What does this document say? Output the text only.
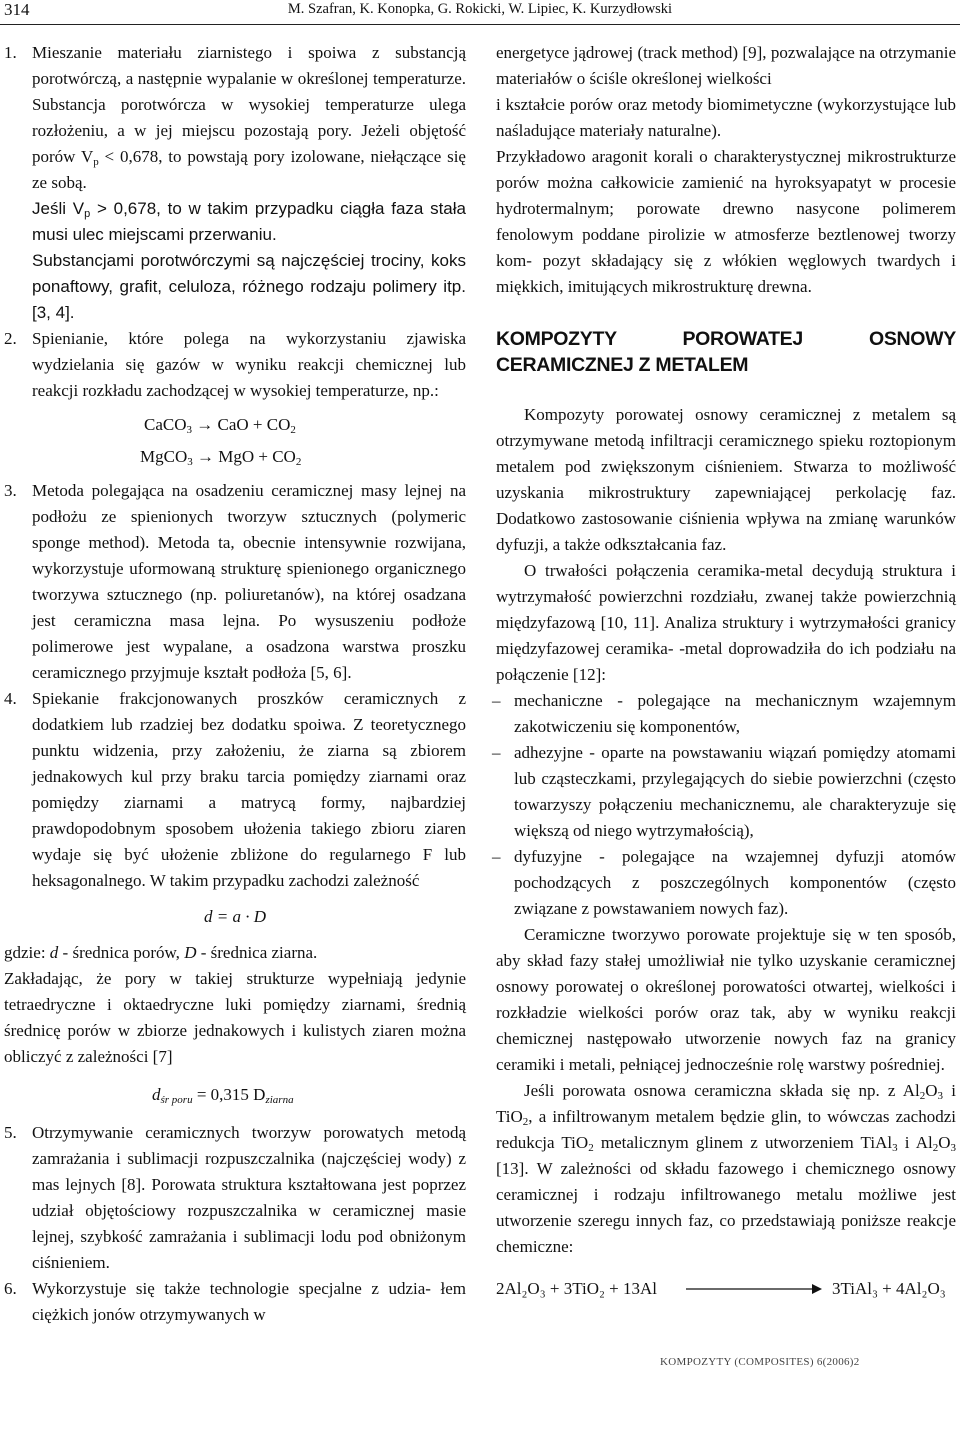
314	M. Szafran, K. Konopka, G. Rokicki, W. Lipiec, K. Kurzydłowski

1. Mieszanie materiału ziarnistego i spoiwa z substancją porotwórczą, a następnie wypalanie w określonej temperaturze. Substancja porotwórcza w wysokiej temperaturze ulega rozłożeniu, a w jej miejscu pozostają pory. Jeżeli objętość porów $V_p < 0,678$, to powstają pory izolowane, niełączące się ze sobą.

Jeśli $V_p > 0,678$, to w takim przypadku ciągła faza stała musi ulec miejscami przerwaniu.

Substancjami porotwórczymi są najczęściej trociny, koks ponaftowy, grafit, celuloza, różnego rodzaju polimery itp. [3, 4].

2. Spienianie, które polega na wykorzystaniu zjawiska wydzielania się gazów w wyniku reakcji chemicznej lub reakcji rozkładu zachodzącej w wysokiej temperaturze, np.:

CaCO$_3$ → CaO + $CO_2$

MgCO$_3$ → MgO + $CO_2$

3. Metoda polegająca na osadzeniu ceramicznej masy lejnej na podłożu ze spienionych tworzyw sztucznych (polymeric sponge method). Metoda ta, obecnie intensywnie rozwijana, wykorzystuje uformowaną strukturę spienionego organicznego tworzywa sztucznego (np. poliuretanów), na której osadzana jest ceramiczna masa lejna. Po wysuszeniu podłoże polimerowe jest wypalane, a osadzona warstwa proszku ceramicznego przyjmuje kształt podłoża [5, 6].

4. Spiekanie frakcjonowanych proszków ceramicznych z dodatkiem lub rzadziej bez dodatku spoiwa. Z teoretycznego punktu widzenia, przy założeniu, że ziarna są zbiorem jednakowych kul przy braku tarcia pomiędzy ziarnami oraz pomiędzy ziarnami a matrycą formy, najbardziej prawdopodobnym sposobem ułożenia takiego zbioru ziaren wydaje się być ułożenie zbliżone do regularnego F lub heksagonalnego. W takim przypadku zachodzi zależność

d = a · D

gdzie: d - średnica porów, D - średnica ziarna.

Zakładając, że pory w takiej strukturze wypełniają jedynie tetraedryczne i oktaedryczne luki pomiędzy ziarnami, średnią średnicę porów w zbiorze jednakowych i kulistych ziaren można obliczyć z zależności [7]

$d_{śr poru} = 0,315$ $D_{ziarna}$

5. Otrzymywanie ceramicznych tworzyw porowatych metodą zamrażania i sublimacji rozpuszczalnika (najczęściej wody) z mas lejnych [8]. Porowata struktura kształtowana jest poprzez udział objętościowy rozpuszczalnika w ceramicznej masie lejnej, szybkość zamrażania i sublimacji lodu pod obniżonym ciśnieniem.

6. Wykorzystuje się także technologie specjalne z udzia- łem ciężkich jonów otrzymywanych w

energetyce jądrowej (track method) [9], pozwalające na otrzymanie materiałów o ściśle określonej wielkości

i kształcie porów oraz metody biomimetyczne (wykorzystujące lub naśladujące materiały naturalne).

Przykładowo aragonit korali o charakterystycznej mikrostrukturze porów można całkowicie zamienić na hyroksyapatyt w procesie hydrotermalnym; porowate drewno nasycone polimerem fenolowym poddane pirolizie w atmosferze beztlenowej tworzy kom- pozyt składający się z włókien węglowych twardych i miękkich, imitujących mikrostrukturę drewna.

KOMPOZYTY POROWATEJ OSNOWY CERAMICZNEJ Z METALEM

Kompozyty porowatej osnowy ceramicznej z metalem są otrzymywane metodą infiltracji ceramicznego spieku roztopionym metalem pod zwiększonym ciśnieniem. Stwarza to możliwość uzyskania mikrostruktury zapewniającej perkolację faz. Dodatkowo zastosowanie ciśnienia wpływa na zmianę warunków dyfuzji, a także odkształcania faz.

O trwałości połączenia ceramika-metal decydują struktura i wytrzymałość powierzchni rozdziału, zwanej także powierzchnią międzyfazową [10, 11]. Analiza struktury i wytrzymałości granicy międzyfazowej ceramika- -metal doprowadziła do ich podziału na połączenie [12]:

– mechaniczne - polegające na mechanicznym wzajemnym zakotwiczeniu się komponentów,

– adhezyjne - oparte na powstawaniu wiązań pomiędzy atomami lub cząsteczkami, przylegających do siebie powierzchni (często towarzyszy połączeniu mechanicznemu, ale charakteryzuje się większą od niego wytrzymałością),

– dyfuzyjne - polegające na wzajemnej dyfuzji atomów pochodzących z poszczególnych komponentów (często związane z powstawaniem nowych faz).

Ceramiczne tworzywo porowate projektuje się w ten sposób, aby skład fazy stałej umożliwiał nie tylko uzyskanie ceramicznej osnowy porowatej o określonej porowatości otwartej, wielkości i rozkładzie wielkości porów oraz tak, aby w wyniku reakcji chemicznej następowało utworzenie nowych faz na granicy ceramiki i metali, pełniącej jednocześnie rolę warstwy pośredniej.

Jeśli porowata osnowa ceramiczna składa się np. z $Al_2O_3$ i TiO$_2$, a infiltrowanym metalem będzie glin, to wówczas zachodzi redukcja TiO$_2$ metalicznym glinem z utworzeniem TiAl$_3$ i $Al_2O_3$ [13]. W zależności od składu fazowego i chemicznego osnowy ceramicznej i rodzaju infiltrowanego metalu możliwe jest utworzenie szeregu innych faz, co przedstawiają poniższe reakcje chemiczne:

2Al₂O₃ + 3TiO₂ + 13Al	3TiAl₃ + 4Al₂O₃
KOMPOZYTY (COMPOSITES) 6(2006)2
